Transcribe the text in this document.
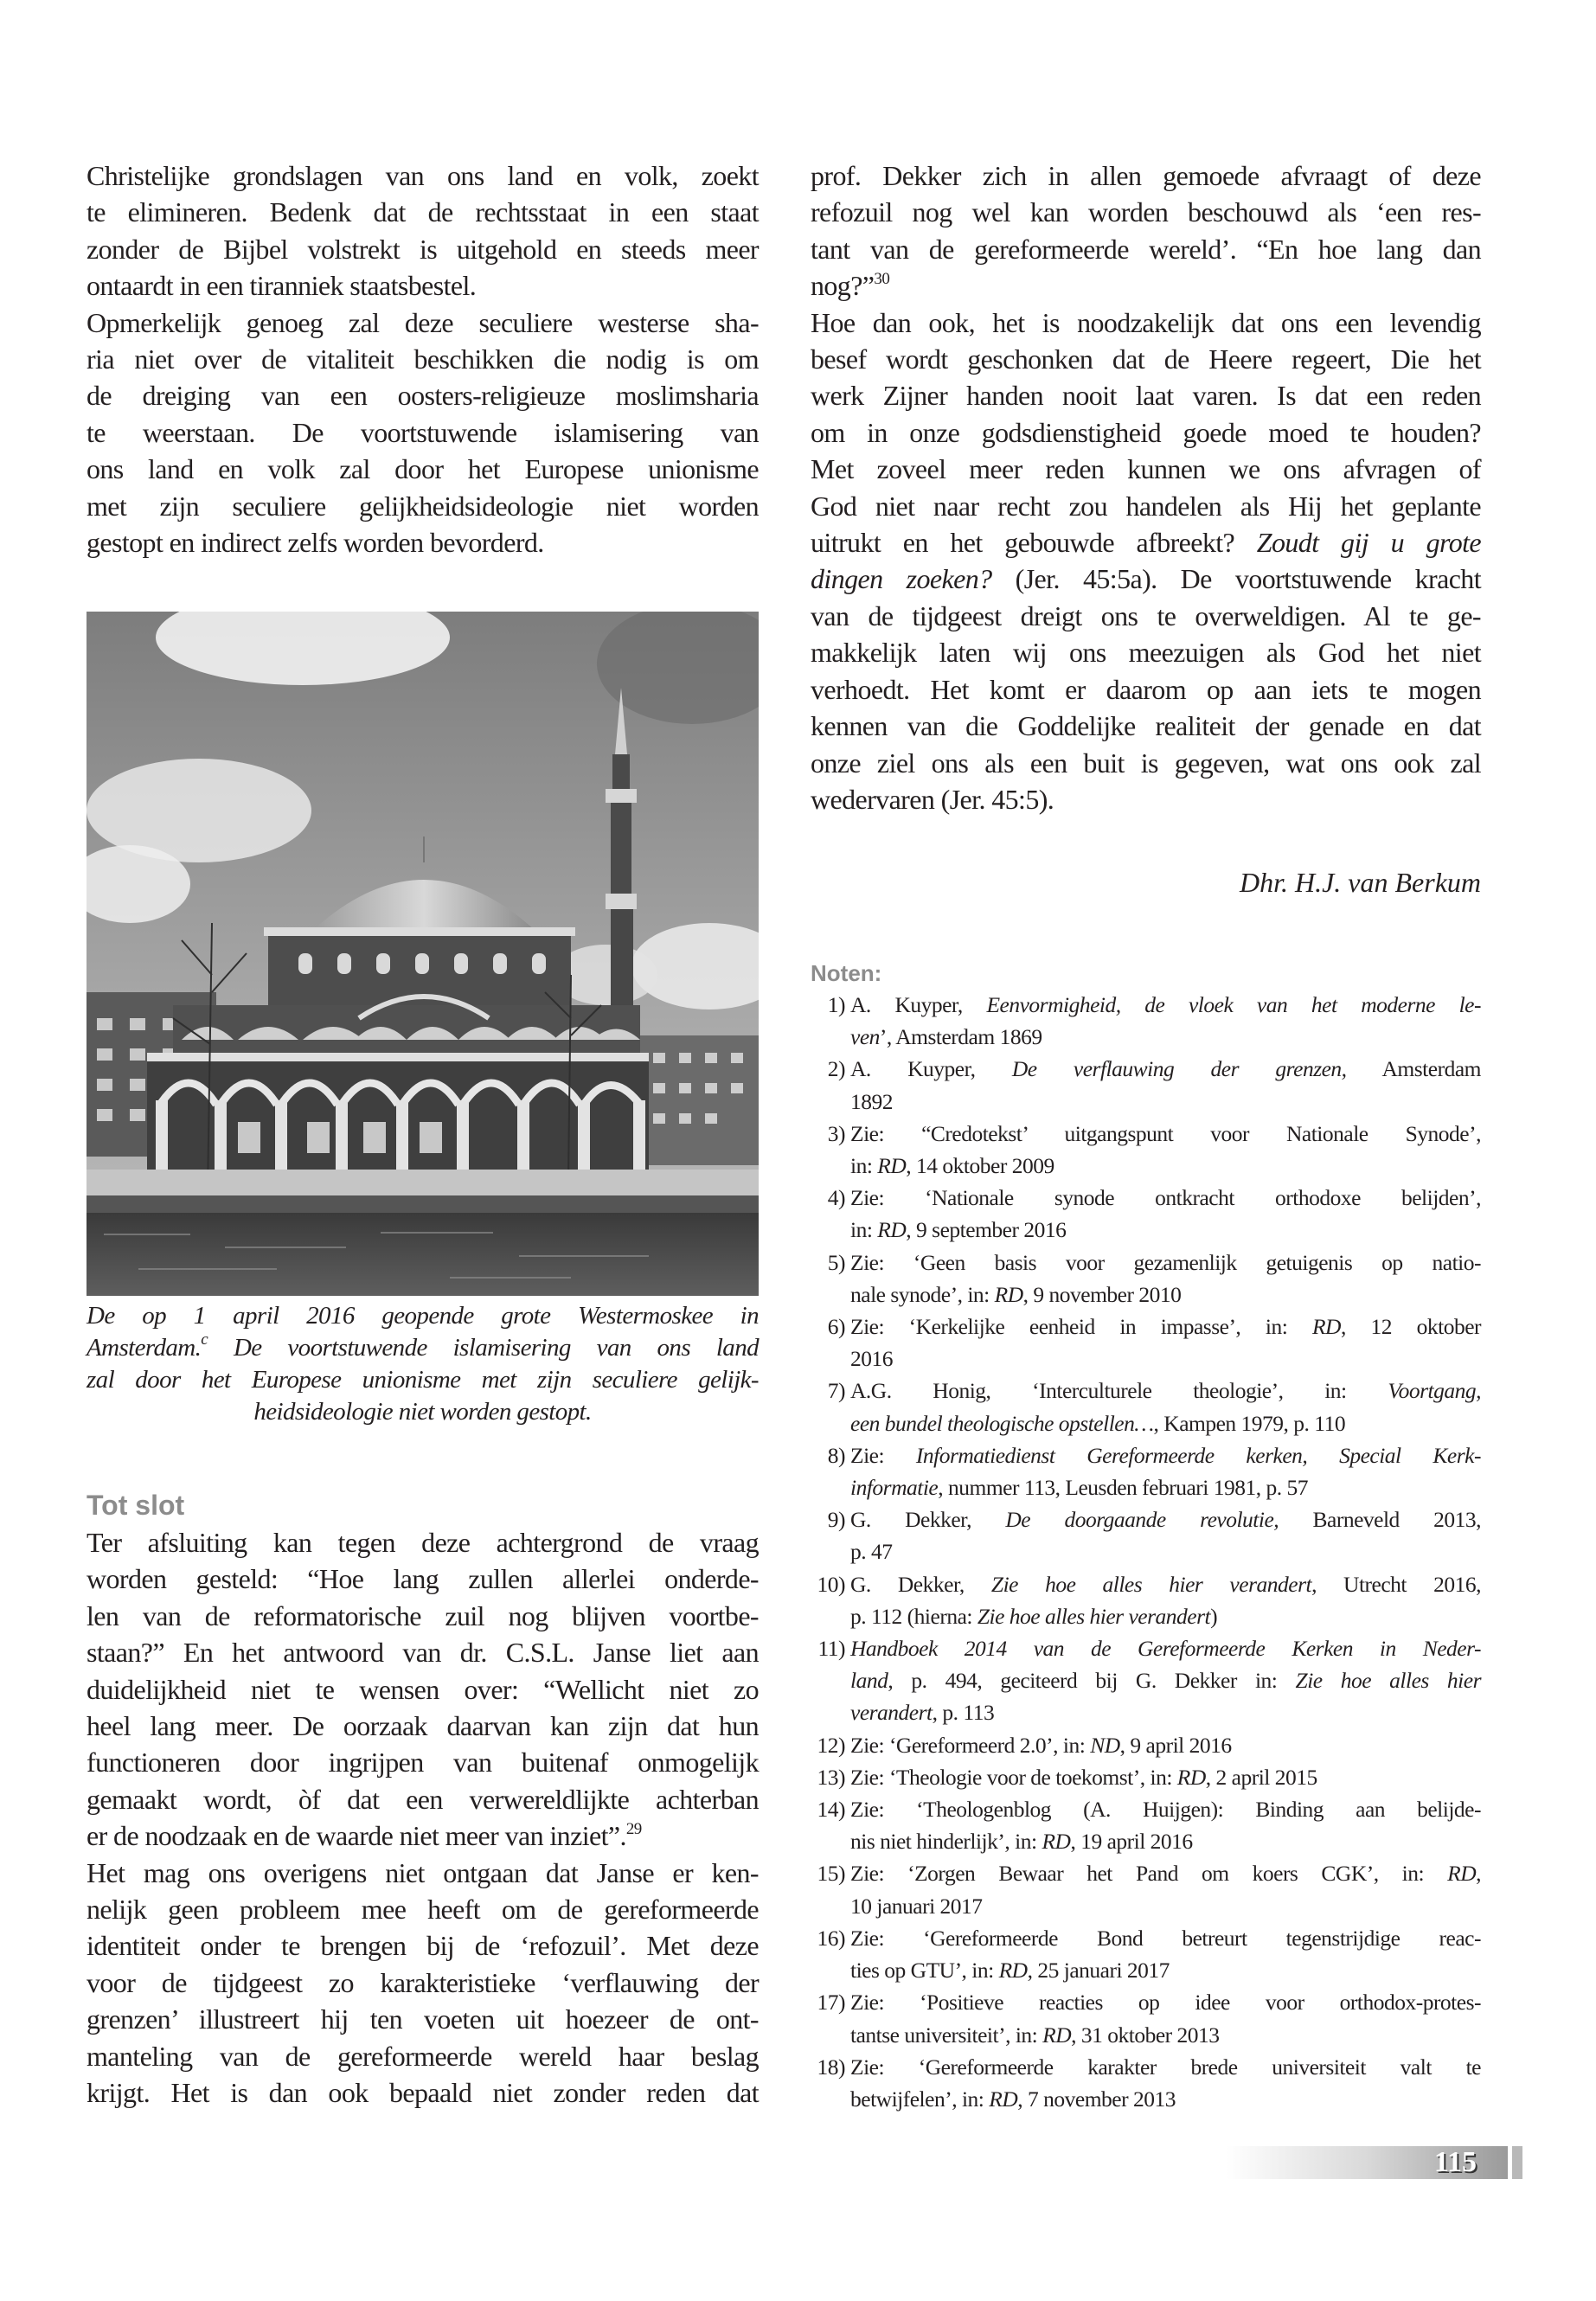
Christelijke grondslagen van ons land en volk, zoekt
te elimineren. Bedenk dat de rechtsstaat in een staat
zonder de Bijbel volstrekt is uitgehold en steeds meer
ontaardt in een tiranniek staatsbestel.

Opmerkelijk genoeg zal deze seculiere westerse sha-
ria niet over de vitaliteit beschikken die nodig is om
de dreiging van een oosters-religieuze moslimsharia
te weerstaan. De voortstuwende islamisering van
ons land en volk zal door het Europese unionisme
met zijn seculiere gelijkheidsideologie niet worden
gestopt en indirect zelfs worden bevorderd.

De op 1 april 2016 geopende grote Westermoskee in
Amsterdam.$^c$ De voortstuwende islamisering van ons land
zal door het Europese unionisme met zijn seculiere gelijk-
heidsideologie niet worden gestopt.
Tot slot

Ter afsluiting kan tegen deze achtergrond de vraag
worden gesteld: “Hoe lang zullen allerlei onderde-
len van de reformatorische zuil nog blijven voortbe-
staan?” En het antwoord van dr. C.S.L. Janse liet aan
duidelijkheid niet te wensen over: “Wellicht niet zo
heel lang meer. De oorzaak daarvan kan zijn dat hun
functioneren door ingrijpen van buitenaf onmogelijk
gemaakt wordt, òf dat een verwereldlijkte achterban
er de noodzaak en de waarde niet meer van inziet”.$^{29}$

Het mag ons overigens niet ontgaan dat Janse er ken-
nelijk geen probleem mee heeft om de gereformeerde
identiteit onder te brengen bij de ‘refozuil’. Met deze
voor de tijdgeest zo karakteristieke ‘verflauwing der
grenzen’ illustreert hij ten voeten uit hoezeer de ont-
manteling van de gereformeerde wereld haar beslag
krijgt. Het is dan ook bepaald niet zonder reden dat

prof. Dekker zich in allen gemoede afvraagt of deze
refozuil nog wel kan worden beschouwd als ‘een res-
tant van de gereformeerde wereld’. “En hoe lang dan
nog?”$^{30}$

Hoe dan ook, het is noodzakelijk dat ons een levendig
besef wordt geschonken dat de Heere regeert, Die het
werk Zijner handen nooit laat varen. Is dat een reden
om in onze godsdienstigheid goede moed te houden?
Met zoveel meer reden kunnen we ons afvragen of
God niet naar recht zou handelen als Hij het geplante
uitrukt en het gebouwde afbreekt? Zoudt gij u grote
dingen zoeken? (Jer. 45:5a). De voortstuwende kracht
van de tijdgeest dreigt ons te overweldigen. Al te ge-
makkelijk laten wij ons meezuigen als God het niet
verhoedt. Het komt er daarom op aan iets te mogen
kennen van die Goddelijke realiteit der genade en dat
onze ziel ons als een buit is gegeven, wat ons ook zal
wedervaren (Jer. 45:5).

Dhr. H.J. van Berkum
Noten:
1) A. Kuyper, Eenvormigheid, de vloek van het moderne le-
ven’, Amsterdam 1869
2) A. Kuyper, De verflauwing der grenzen, Amsterdam
1892
3) Zie: “Credotekst’ uitgangspunt voor Nationale Synode’,
in: RD, 14 oktober 2009
4) Zie: ‘Nationale synode ontkracht orthodoxe belijden’,
in: RD, 9 september 2016
5) Zie: ‘Geen basis voor gezamenlijk getuigenis op natio-
nale synode’, in: RD, 9 november 2010
6) Zie: ‘Kerkelijke eenheid in impasse’, in: RD, 12 oktober
2016
7) A.G. Honig, ‘Interculturele theologie’, in: Voortgang,
een bundel theologische opstellen…, Kampen 1979, p. 110
8) Zie: Informatiedienst Gereformeerde kerken, Special Kerk-
informatie, nummer 113, Leusden februari 1981, p. 57
9) G. Dekker, De doorgaande revolutie, Barneveld 2013,
p. 47
10) G. Dekker, Zie hoe alles hier verandert, Utrecht 2016,
p. 112 (hierna: Zie hoe alles hier verandert)
11) Handboek 2014 van de Gereformeerde Kerken in Neder-
land, p. 494, geciteerd bij G. Dekker in: Zie hoe alles hier
verandert, p. 113
12) Zie: ‘Gereformeerd 2.0’, in: ND, 9 april 2016
13) Zie: ‘Theologie voor de toekomst’, in: RD, 2 april 2015
14) Zie: ‘Theologenblog (A. Huijgen): Binding aan belijde-
nis niet hinderlijk’, in: RD, 19 april 2016
15) Zie: ‘Zorgen Bewaar het Pand om koers CGK’, in: RD,
10 januari 2017
16) Zie: ‘Gereformeerde Bond betreurt tegenstrijdige reac-
ties op GTU’, in: RD, 25 januari 2017
17) Zie: ‘Positieve reacties op idee voor orthodox-protes-
tantse universiteit’, in: RD, 31 oktober 2013
18) Zie: ‘Gereformeerde karakter brede universiteit valt te
betwijfelen’, in: RD, 7 november 2013
115
